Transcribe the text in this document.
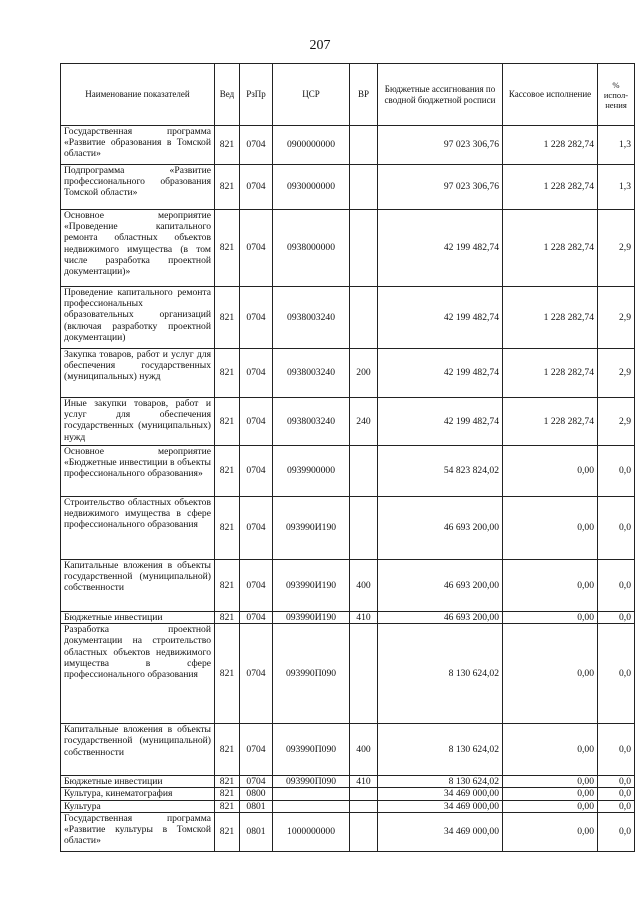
207
Наименование показателей	Вед	РзПр	ЦСР	ВР	Бюджетные ассигнования по сводной бюджетной росписи	Кассовое исполнение	% испол-нения
Государственная программа «Развитие образования в Томской области»	821	0704	0900000000		97 023 306,76	1 228 282,74	1,3
Подпрограмма «Развитие профессионального образования Томской области»	821	0704	0930000000		97 023 306,76	1 228 282,74	1,3
Основное мероприятие «Проведение капитального ремонта областных объектов недвижимого имущества (в том числе разработка проектной документации)»	821	0704	0938000000		42 199 482,74	1 228 282,74	2,9
Проведение капитального ремонта профессиональных образовательных организаций (включая разработку проектной документации)	821	0704	0938003240		42 199 482,74	1 228 282,74	2,9
Закупка товаров, работ и услуг для обеспечения государственных (муниципальных) нужд	821	0704	0938003240	200	42 199 482,74	1 228 282,74	2,9
Иные закупки товаров, работ и услуг для обеспечения государственных (муниципальных) нужд	821	0704	0938003240	240	42 199 482,74	1 228 282,74	2,9
Основное мероприятие «Бюджетные инвестиции в объекты профессионального образования»	821	0704	0939900000		54 823 824,02	0,00	0,0
Строительство областных объектов недвижимого имущества в сфере профессионального образования	821	0704	093990И190		46 693 200,00	0,00	0,0
Капитальные вложения в объекты государственной (муниципальной) собственности	821	0704	093990И190	400	46 693 200,00	0,00	0,0
Бюджетные инвестиции	821	0704	093990И190	410	46 693 200,00	0,00	0,0
Разработка проектной документации на строительство областных объектов недвижимого имущества в сфере профессионального образования	821	0704	093990П090		8 130 624,02	0,00	0,0
Капитальные вложения в объекты государственной (муниципальной) собственности	821	0704	093990П090	400	8 130 624,02	0,00	0,0
Бюджетные инвестиции	821	0704	093990П090	410	8 130 624,02	0,00	0,0
Культура, кинематография	821	0800			34 469 000,00	0,00	0,0
Культура	821	0801			34 469 000,00	0,00	0,0
Государственная программа «Развитие культуры в Томской области»	821	0801	1000000000		34 469 000,00	0,00	0,0
